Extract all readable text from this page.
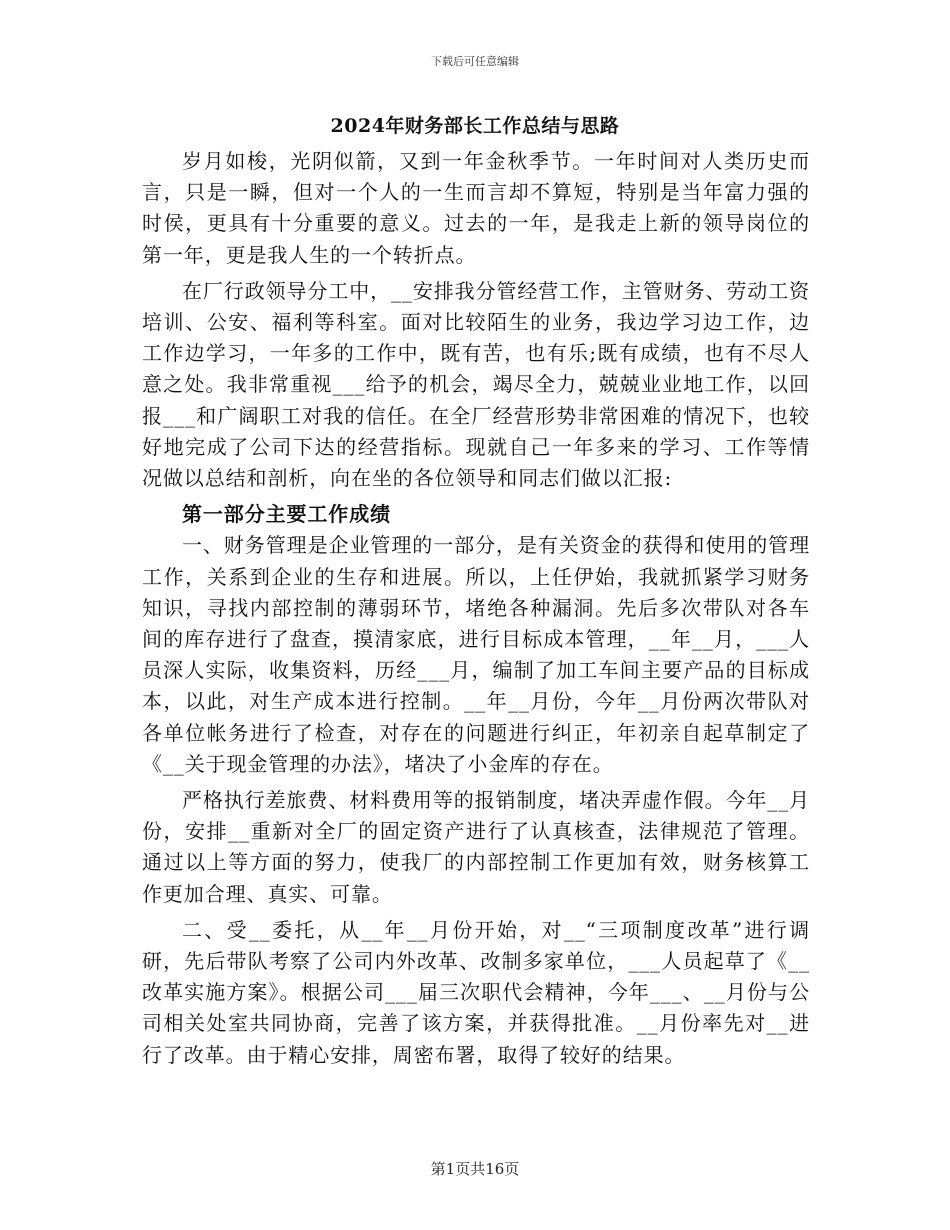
下载后可任意编辑
2024年财务部长工作总结与思路

岁月如梭，光阴似箭，又到一年金秋季节。一年时间对人类历史而言，只是一瞬，但对一个人的一生而言却不算短，特别是当年富力强的时侯，更具有十分重要的意义。过去的一年，是我走上新的领导岗位的第一年，更是我人生的一个转折点。

在厂行政领导分工中，__安排我分管经营工作，主管财务、劳动工资培训、公安、福利等科室。面对比较陌生的业务，我边学习边工作，边工作边学习，一年多的工作中，既有苦，也有乐;既有成绩，也有不尽人意之处。我非常重视___给予的机会，竭尽全力，兢兢业业地工作，以回报___和广阔职工对我的信任。在全厂经营形势非常困难的情况下，也较好地完成了公司下达的经营指标。现就自己一年多来的学习、工作等情况做以总结和剖析，向在坐的各位领导和同志们做以汇报:

第一部分主要工作成绩

一、财务管理是企业管理的一部分，是有关资金的获得和使用的管理工作，关系到企业的生存和进展。所以，上任伊始，我就抓紧学习财务知识，寻找内部控制的薄弱环节，堵绝各种漏洞。先后多次带队对各车间的库存进行了盘查，摸清家底，进行目标成本管理，__年__月，___人员深人实际，收集资料，历经___月，编制了加工车间主要产品的目标成本，以此，对生产成本进行控制。__年__月份，今年__月份两次带队对各单位帐务进行了检查，对存在的问题进行纠正，年初亲自起草制定了《__关于现金管理的办法》，堵决了小金库的存在。

严格执行差旅费、材料费用等的报销制度，堵决弄虚作假。今年__月份，安排__重新对全厂的固定资产进行了认真核查，法律规范了管理。通过以上等方面的努力，使我厂的内部控制工作更加有效，财务核算工作更加合理、真实、可靠。

二、受__委托，从__年__月份开始，对__“三项制度改革”进行调研，先后带队考察了公司内外改革、改制多家单位，___人员起草了《__改革实施方案》。根据公司___届三次职代会精神，今年___、__月份与公司相关处室共同协商，完善了该方案，并获得批准。__月份率先对__进行了改革。由于精心安排，周密布署，取得了较好的结果。

第1页共16页
